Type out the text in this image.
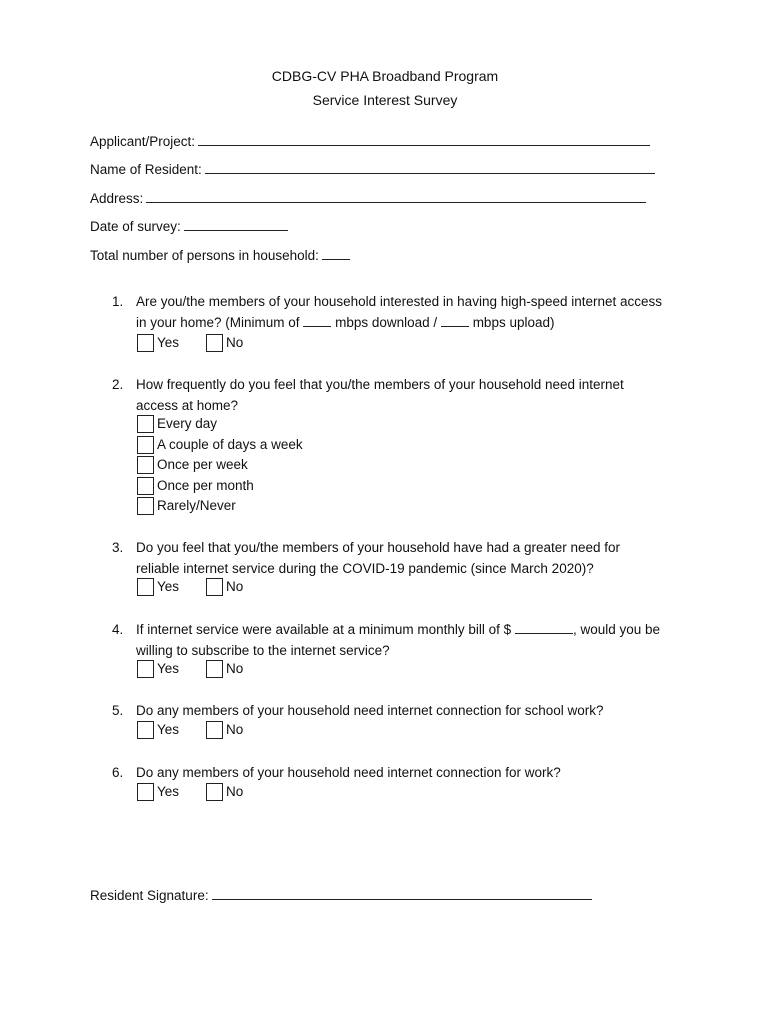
CDBG-CV PHA Broadband Program
Service Interest Survey
Applicant/Project:
Name of Resident:
Address:
Date of survey:
Total number of persons in household:
1. Are you/the members of your household interested in having high-speed internet access
in your home? (Minimum of	mbps download /	mbps upload)
Yes	No
2. How frequently do you feel that you/the members of your household need internet
access at home?
Every day
A couple of days a week
Once per week
Once per month
Rarely/Never
3. Do you feel that you/the members of your household have had a greater need for
reliable internet service during the COVID-19 pandemic (since March 2020)?
Yes	No
4. If internet service were available at a minimum monthly bill of $	, would you be
willing to subscribe to the internet service?
Yes	No
5. Do any members of your household need internet connection for school work?
Yes	No
6. Do any members of your household need internet connection for work?
Yes	No
Resident Signature:
